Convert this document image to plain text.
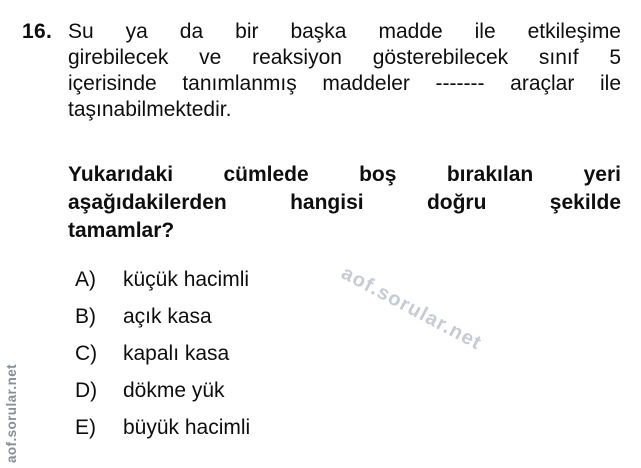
16. Su ya da bir başka madde ile etkileşime
girebilecek ve reaksiyon gösterebilecek sınıf 5
içerisinde tanımlanmış maddeler ------- araçlar ile
taşınabilmektedir.
Yukarıdaki cümlede boş bırakılan yeri
aşağıdakilerden hangisi doğru şekilde
tamamlar?
A)	küçük hacimli
B)	açık kasa
C)	kapalı kasa
D)	dökme yük
E)	büyük hacimli
aof.sorular.net
aof.sorular.net
